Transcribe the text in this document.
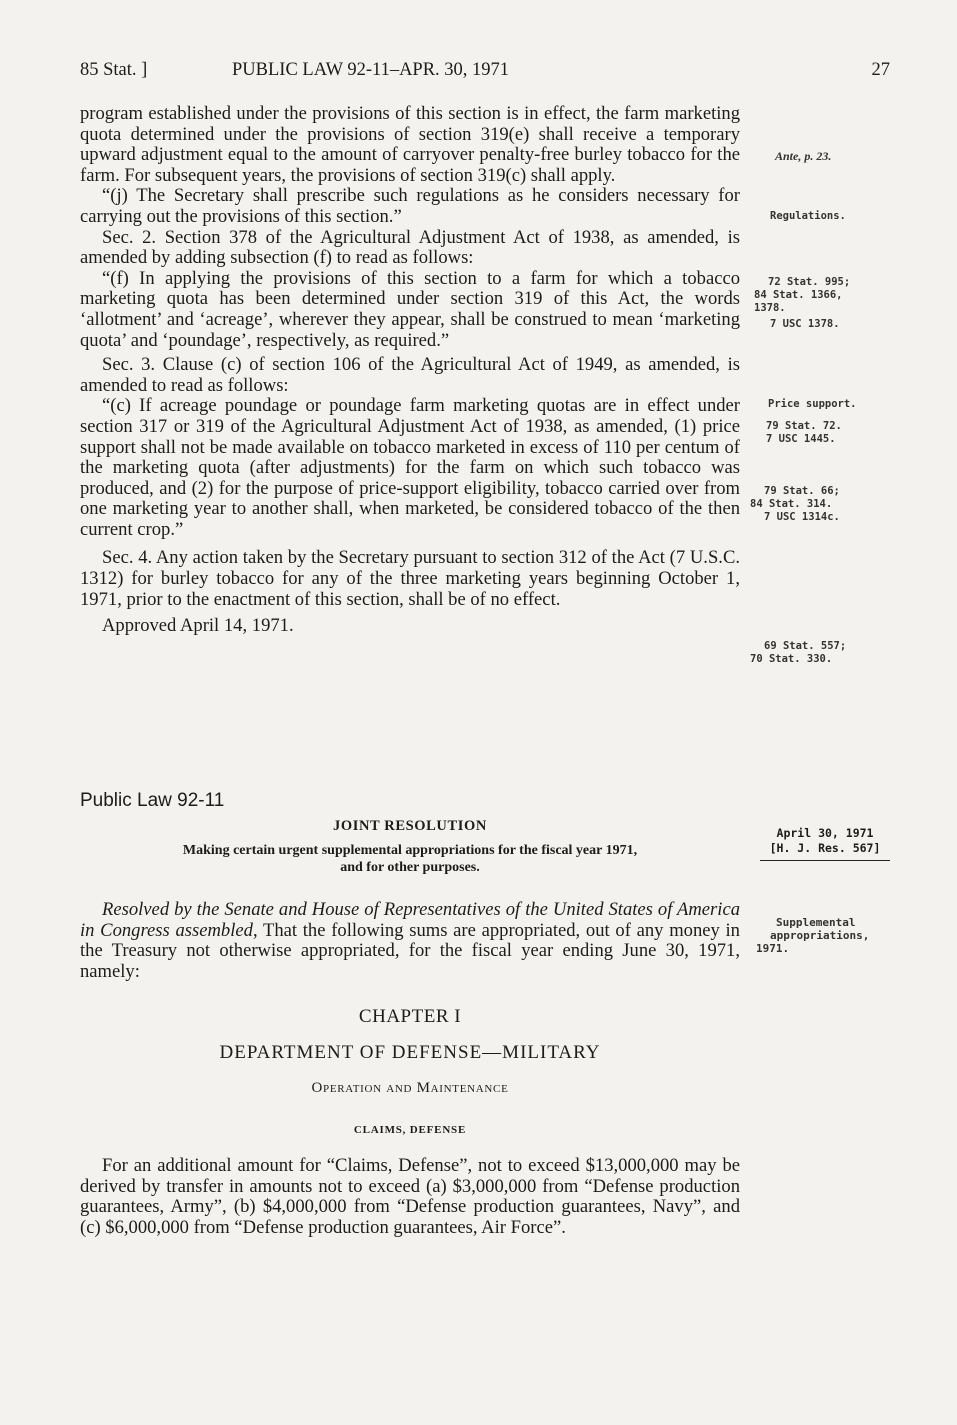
85 Stat. ]	PUBLIC LAW 92-11–APR. 30, 1971	27

program established under the provisions of this section is in effect, the farm marketing quota determined under the provisions of section 319(e) shall receive a temporary upward adjustment equal to the amount of carryover penalty-free burley tobacco for the farm. For subsequent years, the provisions of section 319(c) shall apply.

“(j) The Secretary shall prescribe such regulations as he considers necessary for carrying out the provisions of this section.”

Sec. 2. Section 378 of the Agricultural Adjustment Act of 1938, as amended, is amended by adding subsection (f) to read as follows:

“(f) In applying the provisions of this section to a farm for which a tobacco marketing quota has been determined under section 319 of this Act, the words ‘allotment’ and ‘acreage’, wherever they appear, shall be construed to mean ‘marketing quota’ and ‘poundage’, respectively, as required.”

Sec. 3. Clause (c) of section 106 of the Agricultural Act of 1949, as amended, is amended to read as follows:

“(c) If acreage poundage or poundage farm marketing quotas are in effect under section 317 or 319 of the Agricultural Adjustment Act of 1938, as amended, (1) price support shall not be made available on tobacco marketed in excess of 110 per centum of the marketing quota (after adjustments) for the farm on which such tobacco was produced, and (2) for the purpose of price-support eligibility, tobacco carried over from one marketing year to another shall, when marketed, be considered tobacco of the then current crop.”

Sec. 4. Any action taken by the Secretary pursuant to section 312 of the Act (7 U.S.C. 1312) for burley tobacco for any of the three marketing years beginning October 1, 1971, prior to the enactment of this section, shall be of no effect.

Approved April 14, 1971.

Ante, p. 23.
Regulations.
72 Stat. 995;
84 Stat. 1366,
1378.
7 USC 1378.
Price support.
79 Stat. 72.
7 USC 1445.
79 Stat. 66;
84 Stat. 314.
7 USC 1314c.
69 Stat. 557;
70 Stat. 330.
Public Law 92-11
JOINT RESOLUTION
Making certain urgent supplemental appropriations for the fiscal year 1971,
and for other purposes.
April 30, 1971
[H. J. Res. 567]

Resolved by the Senate and House of Representatives of the United States of America in Congress assembled, That the following sums are appropriated, out of any money in the Treasury not otherwise appropriated, for the fiscal year ending June 30, 1971, namely:

Supplemental
appropriations,
1971.
CHAPTER I
DEPARTMENT OF DEFENSE—MILITARY
Operation and Maintenance
CLAIMS, DEFENSE

For an additional amount for “Claims, Defense”, not to exceed $13,000,000 may be derived by transfer in amounts not to exceed (a) $3,000,000 from “Defense production guarantees, Army”, (b) $4,000,000 from “Defense production guarantees, Navy”, and (c) $6,000,000 from “Defense production guarantees, Air Force”.
